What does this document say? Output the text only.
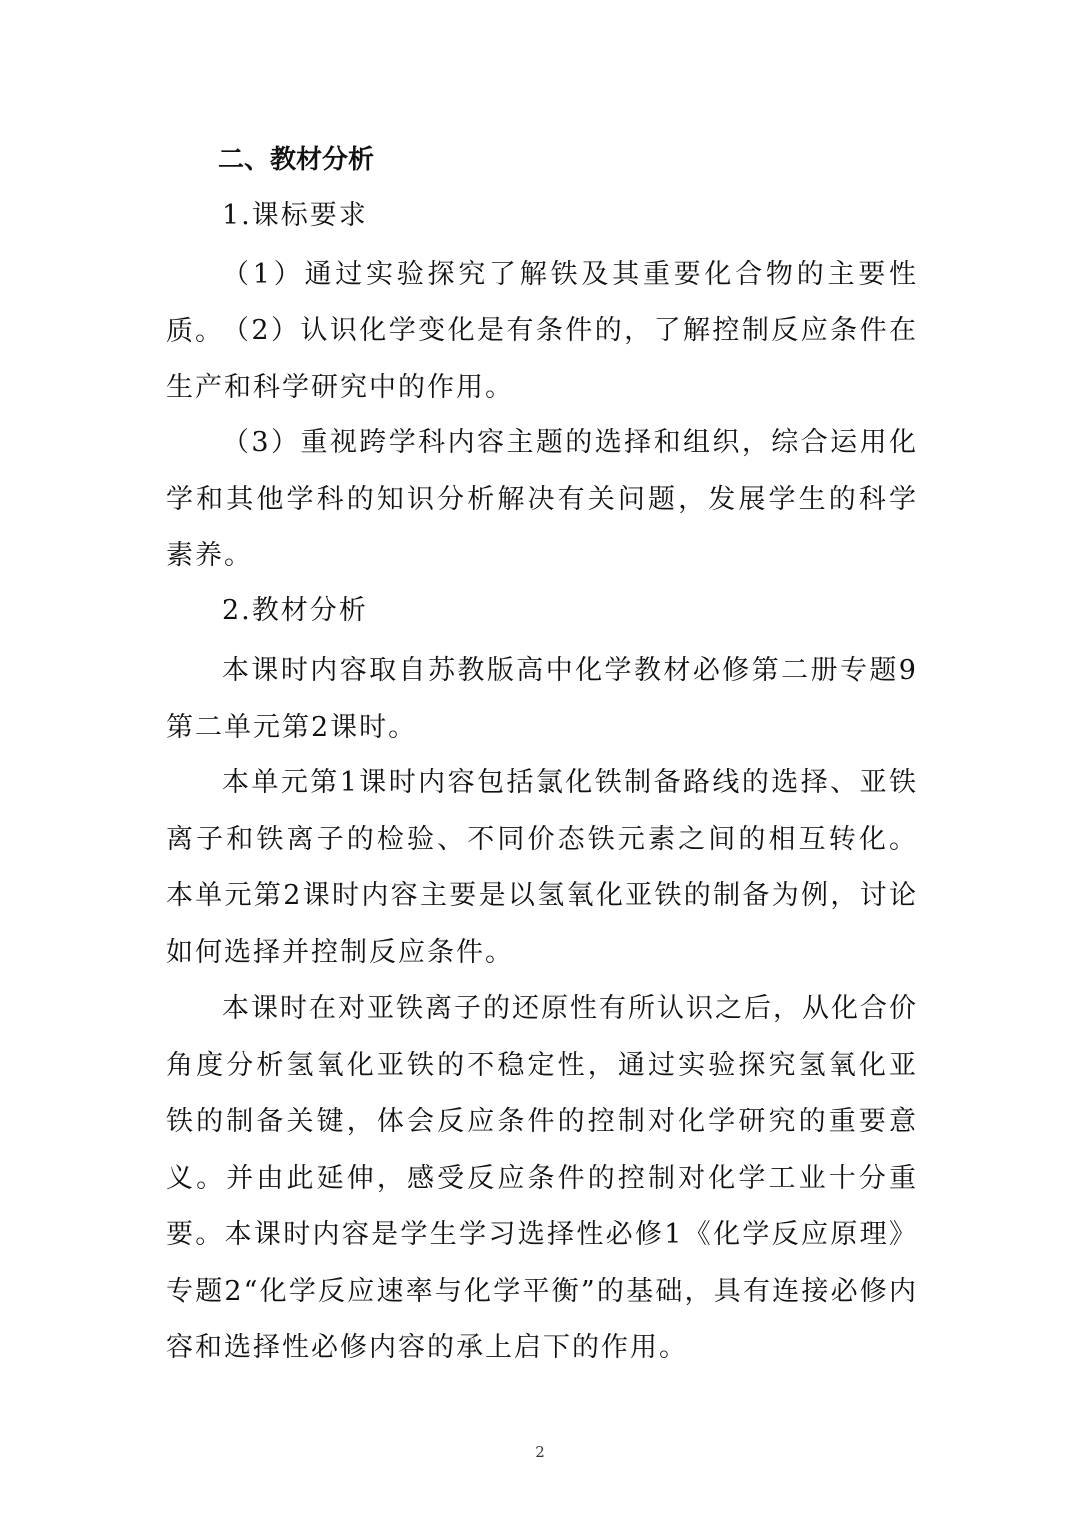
二、教材分析
1.课标要求

（1）通过实验探究了解铁及其重要化合物的主要性质。

（2）认识化学变化是有条件的，了解控制反应条件在生产和科学研究中的作用。

（3）重视跨学科内容主题的选择和组织，综合运用化学和其他学科的知识分析解决有关问题，发展学生的科学素养。

2.教材分析

本课时内容取自苏教版高中化学教材必修第二册专题9第二单元第2课时。

本单元第1课时内容包括氯化铁制备路线的选择、亚铁离子和铁离子的检验、不同价态铁元素之间的相互转化。本单元第2课时内容主要是以氢氧化亚铁的制备为例，讨论如何选择并控制反应条件。

本课时在对亚铁离子的还原性有所认识之后，从化合价角度分析氢氧化亚铁的不稳定性，通过实验探究氢氧化亚铁的制备关键，体会反应条件的控制对化学研究的重要意义。并由此延伸，感受反应条件的控制对化学工业十分重要。本课时内容是学生学习选择性必修1《化学反应原理》专题2“化学反应速率与化学平衡”的基础，具有连接必修内容和选择性必修内容的承上启下的作用。

2
